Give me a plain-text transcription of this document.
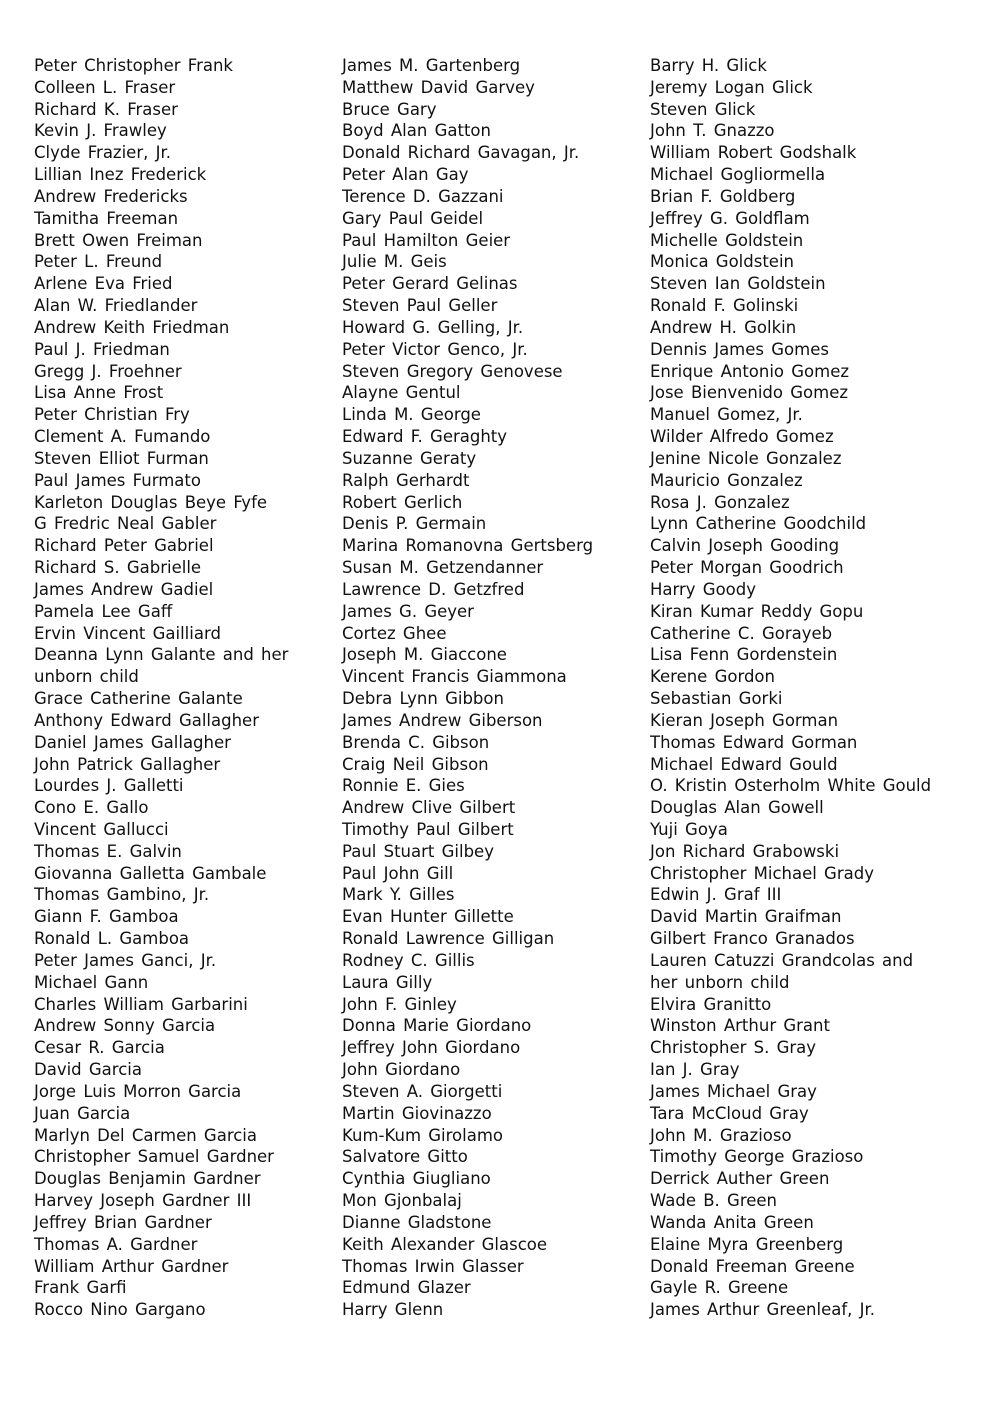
Peter Christopher Frank
Colleen L. Fraser
Richard K. Fraser
Kevin J. Frawley
Clyde Frazier, Jr.
Lillian Inez Frederick
Andrew Fredericks
Tamitha Freeman
Brett Owen Freiman
Peter L. Freund
Arlene Eva Fried
Alan W. Friedlander
Andrew Keith Friedman
Paul J. Friedman
Gregg J. Froehner
Lisa Anne Frost
Peter Christian Fry
Clement A. Fumando
Steven Elliot Furman
Paul James Furmato
Karleton Douglas Beye Fyfe
G Fredric Neal Gabler
Richard Peter Gabriel
Richard S. Gabrielle
James Andrew Gadiel
Pamela Lee Gaff
Ervin Vincent Gailliard
Deanna Lynn Galante and her
unborn child
Grace Catherine Galante
Anthony Edward Gallagher
Daniel James Gallagher
John Patrick Gallagher
Lourdes J. Galletti
Cono E. Gallo
Vincent Gallucci
Thomas E. Galvin
Giovanna Galletta Gambale
Thomas Gambino, Jr.
Giann F. Gamboa
Ronald L. Gamboa
Peter James Ganci, Jr.
Michael Gann
Charles William Garbarini
Andrew Sonny Garcia
Cesar R. Garcia
David Garcia
Jorge Luis Morron Garcia
Juan Garcia
Marlyn Del Carmen Garcia
Christopher Samuel Gardner
Douglas Benjamin Gardner
Harvey Joseph Gardner III
Jeffrey Brian Gardner
Thomas A. Gardner
William Arthur Gardner
Frank Garfi
Rocco Nino Gargano
James M. Gartenberg
Matthew David Garvey
Bruce Gary
Boyd Alan Gatton
Donald Richard Gavagan, Jr.
Peter Alan Gay
Terence D. Gazzani
Gary Paul Geidel
Paul Hamilton Geier
Julie M. Geis
Peter Gerard Gelinas
Steven Paul Geller
Howard G. Gelling, Jr.
Peter Victor Genco, Jr.
Steven Gregory Genovese
Alayne Gentul
Linda M. George
Edward F. Geraghty
Suzanne Geraty
Ralph Gerhardt
Robert Gerlich
Denis P. Germain
Marina Romanovna Gertsberg
Susan M. Getzendanner
Lawrence D. Getzfred
James G. Geyer
Cortez Ghee
Joseph M. Giaccone
Vincent Francis Giammona
Debra Lynn Gibbon
James Andrew Giberson
Brenda C. Gibson
Craig Neil Gibson
Ronnie E. Gies
Andrew Clive Gilbert
Timothy Paul Gilbert
Paul Stuart Gilbey
Paul John Gill
Mark Y. Gilles
Evan Hunter Gillette
Ronald Lawrence Gilligan
Rodney C. Gillis
Laura Gilly
John F. Ginley
Donna Marie Giordano
Jeffrey John Giordano
John Giordano
Steven A. Giorgetti
Martin Giovinazzo
Kum-Kum Girolamo
Salvatore Gitto
Cynthia Giugliano
Mon Gjonbalaj
Dianne Gladstone
Keith Alexander Glascoe
Thomas Irwin Glasser
Edmund Glazer
Harry Glenn
Barry H. Glick
Jeremy Logan Glick
Steven Glick
John T. Gnazzo
William Robert Godshalk
Michael Gogliormella
Brian F. Goldberg
Jeffrey G. Goldflam
Michelle Goldstein
Monica Goldstein
Steven Ian Goldstein
Ronald F. Golinski
Andrew H. Golkin
Dennis James Gomes
Enrique Antonio Gomez
Jose Bienvenido Gomez
Manuel Gomez, Jr.
Wilder Alfredo Gomez
Jenine Nicole Gonzalez
Mauricio Gonzalez
Rosa J. Gonzalez
Lynn Catherine Goodchild
Calvin Joseph Gooding
Peter Morgan Goodrich
Harry Goody
Kiran Kumar Reddy Gopu
Catherine C. Gorayeb
Lisa Fenn Gordenstein
Kerene Gordon
Sebastian Gorki
Kieran Joseph Gorman
Thomas Edward Gorman
Michael Edward Gould
O. Kristin Osterholm White Gould
Douglas Alan Gowell
Yuji Goya
Jon Richard Grabowski
Christopher Michael Grady
Edwin J. Graf III
David Martin Graifman
Gilbert Franco Granados
Lauren Catuzzi Grandcolas and
her unborn child
Elvira Granitto
Winston Arthur Grant
Christopher S. Gray
Ian J. Gray
James Michael Gray
Tara McCloud Gray
John M. Grazioso
Timothy George Grazioso
Derrick Auther Green
Wade B. Green
Wanda Anita Green
Elaine Myra Greenberg
Donald Freeman Greene
Gayle R. Greene
James Arthur Greenleaf, Jr.
